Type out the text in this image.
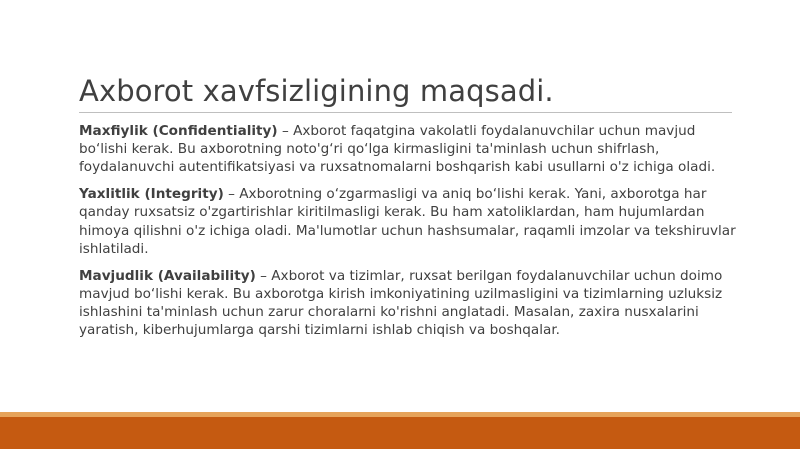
Axborot xavfsizligining maqsadi.

Maxfiylik (Confidentiality) – Axborot faqatgina vakolatli foydalanuvchilar uchun mavjud bo‘lishi kerak. Bu axborotning noto'g‘ri qo‘lga kirmasligini ta'minlash uchun shifrlash, foydalanuvchi autentifikatsiyasi va ruxsatnomalarni boshqarish kabi usullarni o'z ichiga oladi.

Yaxlitlik (Integrity) – Axborotning o‘zgarmasligi va aniq bo‘lishi kerak. Yani, axborotga har qanday ruxsatsiz o'zgartirishlar kiritilmasligi kerak. Bu ham xatoliklardan, ham hujumlardan himoya qilishni o'z ichiga oladi. Ma'lumotlar uchun hashsumalar, raqamli imzolar va tekshiruvlar ishlatiladi.

Mavjudlik (Availability) – Axborot va tizimlar, ruxsat berilgan foydalanuvchilar uchun doimo mavjud bo‘lishi kerak. Bu axborotga kirish imkoniyatining uzilmasligini va tizimlarning uzluksiz ishlashini ta'minlash uchun zarur choralarni ko'rishni anglatadi. Masalan, zaxira nusxalarini yaratish, kiberhujumlarga qarshi tizimlarni ishlab chiqish va boshqalar.
